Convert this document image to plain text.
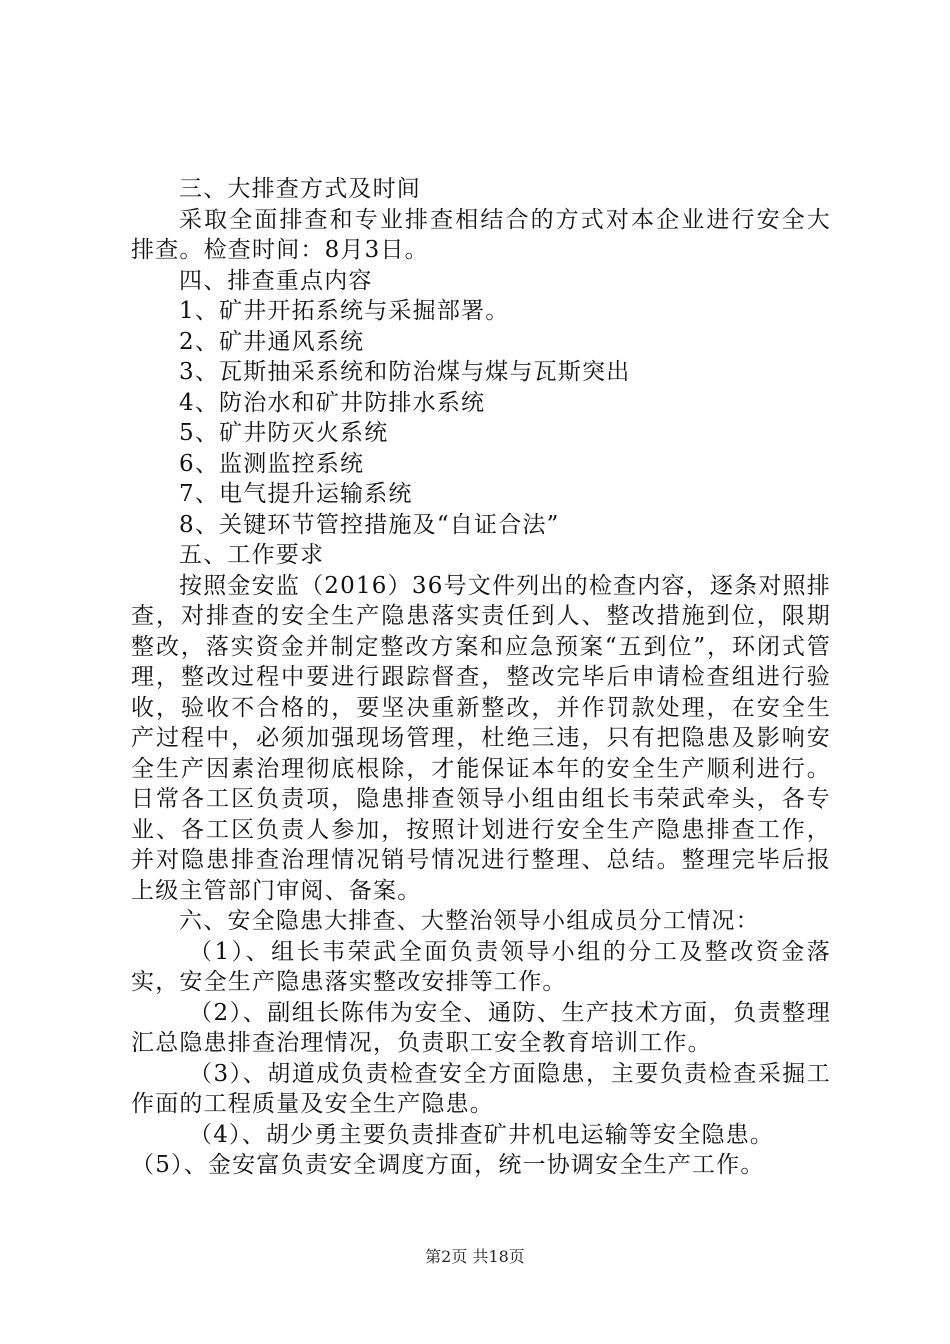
三、大排查方式及时间

采取全面排查和专业排查相结合的方式对本企业进行安全大排查。检查时间：8月3日。

四、排查重点内容

1、矿井开拓系统与采掘部署。

2、矿井通风系统

3、瓦斯抽采系统和防治煤与煤与瓦斯突出

4、防治水和矿井防排水系统

5、矿井防灭火系统

6、监测监控系统

7、电气提升运输系统

8、关键环节管控措施及“自证合法”

五、工作要求

按照金安监（2016）36号文件列出的检查内容，逐条对照排查，对排查的安全生产隐患落实责任到人、整改措施到位，限期整改，落实资金并制定整改方案和应急预案“五到位”，环闭式管理，整改过程中要进行跟踪督查，整改完毕后申请检查组进行验收，验收不合格的，要坚决重新整改，并作罚款处理，在安全生产过程中，必须加强现场管理，杜绝三违，只有把隐患及影响安全生产因素治理彻底根除，才能保证本年的安全生产顺利进行。日常各工区负责项，隐患排查领导小组由组长韦荣武牵头，各专业、各工区负责人参加，按照计划进行安全生产隐患排查工作，并对隐患排查治理情况销号情况进行整理、总结。整理完毕后报上级主管部门审阅、备案。

六、安全隐患大排查、大整治领导小组成员分工情况：

（1）、组长韦荣武全面负责领导小组的分工及整改资金落实，安全生产隐患落实整改安排等工作。

（2）、副组长陈伟为安全、通防、生产技术方面，负责整理汇总隐患排查治理情况，负责职工安全教育培训工作。

（3）、胡道成负责检查安全方面隐患，主要负责检查采掘工作面的工程质量及安全生产隐患。

（4）、胡少勇主要负责排查矿井机电运输等安全隐患。

（5）、金安富负责安全调度方面，统一协调安全生产工作。

第2页 共18页
